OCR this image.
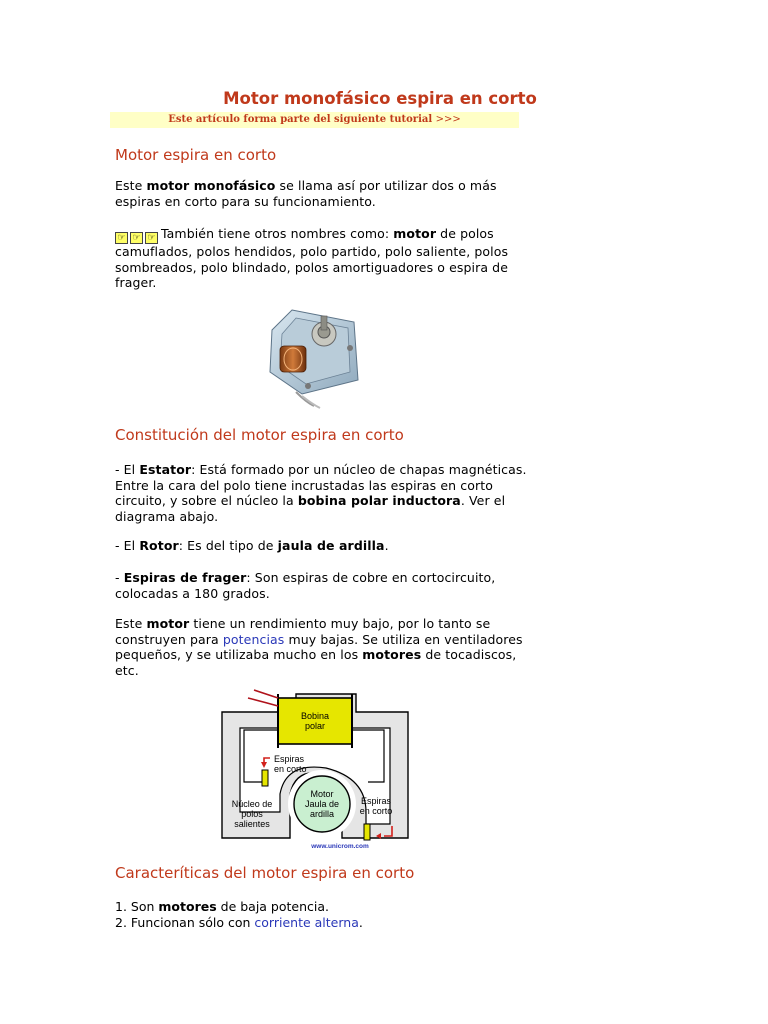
Motor monofásico espira en corto
Este artículo forma parte del siguiente tutorial >>>
Motor espira en corto

Este motor monofásico se llama así por utilizar dos o más espiras en corto para su funcionamiento.

☞ ☞ ☞ También tiene otros nombres como: motor de polos camuflados, polos hendidos, polo partido, polo saliente, polos sombreados, polo blindado, polos amortiguadores o espira de frager.

Constitución del motor espira en corto

- El Estator: Está formado por un núcleo de chapas magnéticas. Entre la cara del polo tiene incrustadas las espiras en corto circuito, y sobre el núcleo la bobina polar inductora. Ver el diagrama abajo.

- El Rotor: Es del tipo de jaula de ardilla.

- Espiras de frager: Son espiras de cobre en cortocircuito, colocadas a 180 grados.

Este motor tiene un rendimiento muy bajo, por lo tanto se construyen para potencias muy bajas. Se utiliza en ventiladores pequeños, y se utilizaba mucho en los motores de tocadiscos, etc.

Bobina
polar
Motor
Jaula de
ardilla
Espiras
en corto
Núcleo de
polos
salientes
Espiras
en corto
www.unicrom.com
Caracteríticas del motor espira en corto
1. Son motores de baja potencia.
2. Funcionan sólo con corriente alterna.
